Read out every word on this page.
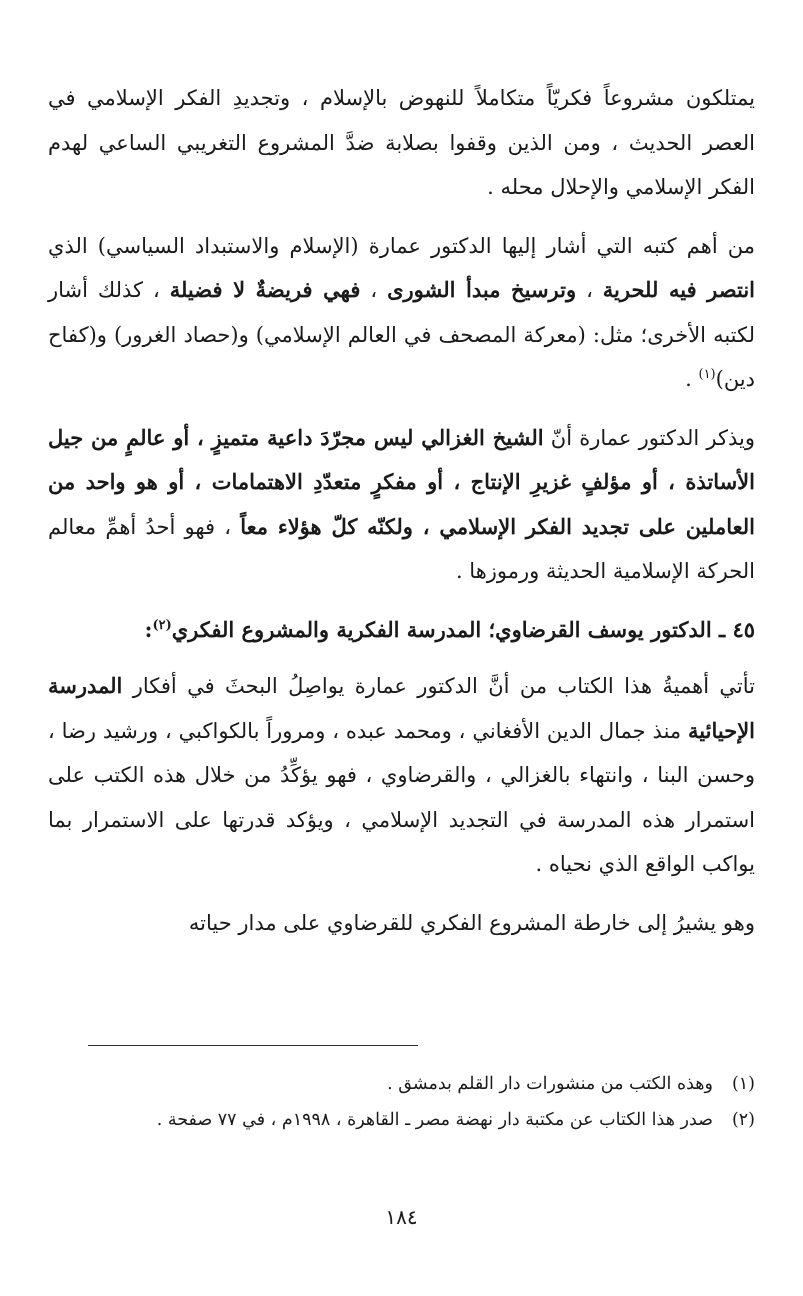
يمتلكون مشروعاً فكريّاً متكاملاً للنهوض بالإسلام ، وتجديدِ الفكر الإسلامي في العصر الحديث ، ومن الذين وقفوا بصلابة ضدَّ المشروع التغريبي الساعي لهدم الفكر الإسلامي والإحلال محله .

من أهم كتبه التي أشار إليها الدكتور عمارة (الإسلام والاستبداد السياسي) الذي انتصر فيه للحرية ، وترسيخ مبدأ الشورى ، فهي فريضةٌ لا فضيلة ، كذلك أشار لكتبه الأخرى؛ مثل: (معركة المصحف في العالم الإسلامي) و(حصاد الغرور) و(كفاح دين)$^{(١)}$ .

ويذكر الدكتور عمارة أنّ الشيخ الغزالي ليس مجرّدَ داعية متميزٍ ، أو عالمٍ من جيل الأساتذة ، أو مؤلفٍ غزيرِ الإنتاج ، أو مفكرٍ متعدّدِ الاهتمامات ، أو هو واحد من العاملين على تجديد الفكر الإسلامي ، ولكنّه كلّ هؤلاء معاً ، فهو أحدُ أهمِّ معالم الحركة الإسلامية الحديثة ورموزها .

٤٥ ـ الدكتور يوسف القرضاوي؛ المدرسة الفكرية والمشروع الفكري$^{(٢)}$:

تأتي أهميةُ هذا الكتاب من أنَّ الدكتور عمارة يواصِلُ البحثَ في أفكار المدرسة الإحيائية منذ جمال الدين الأفغاني ، ومحمد عبده ، ومروراً بالكواكبي ، ورشيد رضا ، وحسن البنا ، وانتهاء بالغزالي ، والقرضاوي ، فهو يؤكِّدُ من خلال هذه الكتب على استمرار هذه المدرسة في التجديد الإسلامي ، ويؤكد قدرتها على الاستمرار بما يواكب الواقع الذي نحياه .

وهو يشيرُ إلى خارطة المشروع الفكري للقرضاوي على مدار حياته

(١)
وهذه الكتب من منشورات دار القلم بدمشق .
(٢)
صدر هذا الكتاب عن مكتبة دار نهضة مصر ـ القاهرة ، ١٩٩٨م ، في ٧٧ صفحة .
١٨٤
